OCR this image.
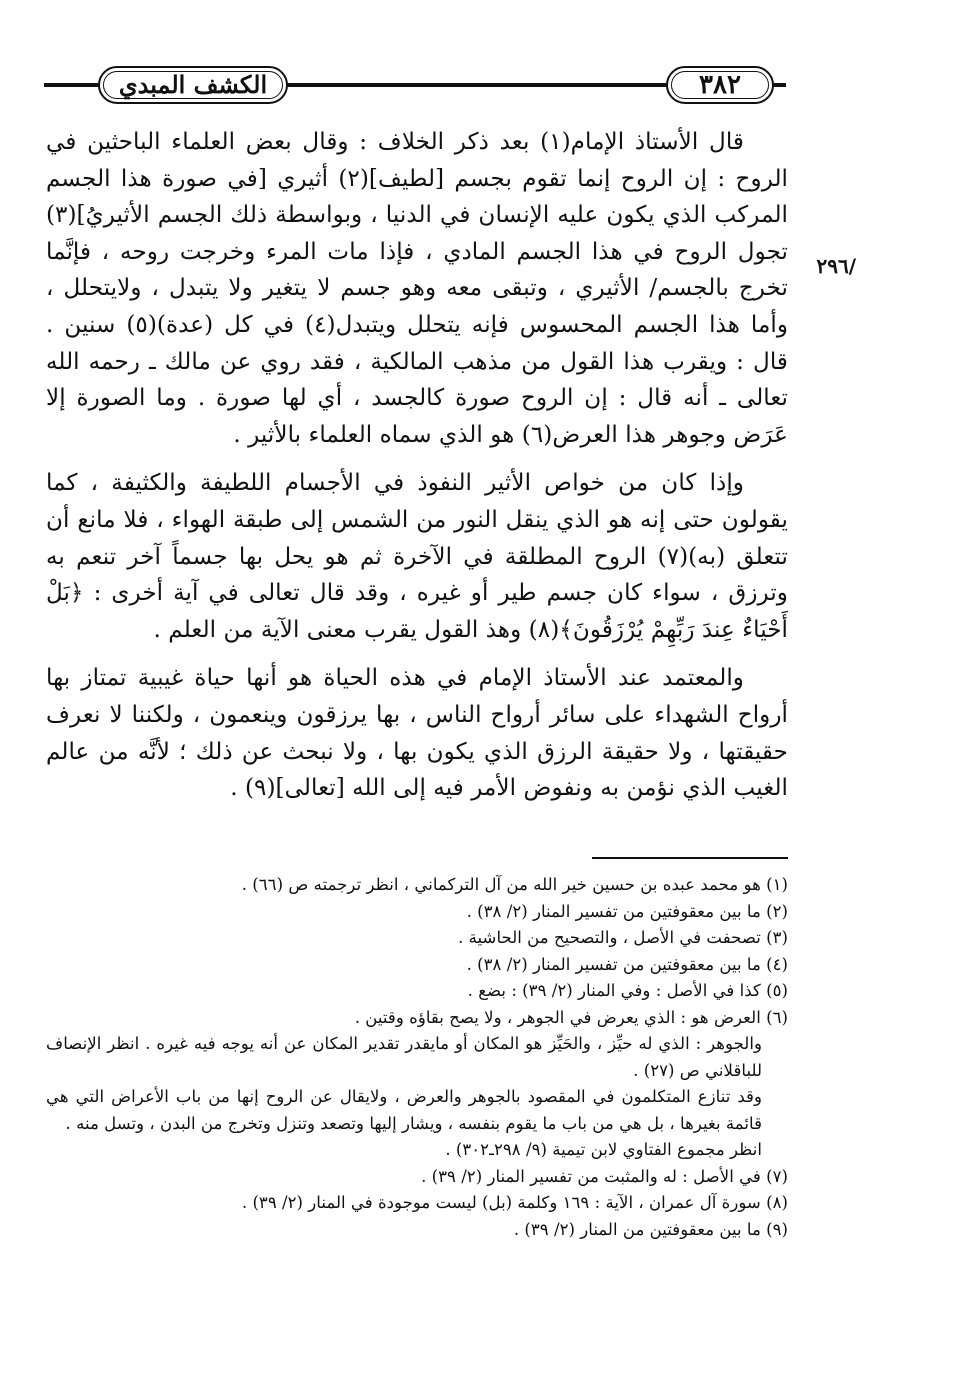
الكشف المبدي	٣٨٢
/٢٩٦

قال الأستاذ الإمام(١) بعد ذكر الخلاف : وقال بعض العلماء الباحثين في الروح : إن الروح إنما تقوم بجسم [لطيف](٢) أثيري [في صورة هذا الجسم المركب الذي يكون عليه الإنسان في الدنيا ، وبواسطة ذلك الجسم الأثيريُ](٣) تجول الروح في هذا الجسم المادي ، فإذا مات المرء وخرجت روحه ، فإنَّما تخرج بالجسم/ الأثيري ، وتبقى معه وهو جسم لا يتغير ولا يتبدل ، ولايتحلل ، وأما هذا الجسم المحسوس فإنه يتحلل ويتبدل(٤) في كل (عدة)(٥) سنين . قال : ويقرب هذا القول من مذهب المالكية ، فقد روي عن مالك ـ رحمه الله تعالى ـ أنه قال : إن الروح صورة كالجسد ، أي لها صورة . وما الصورة إلا عَرَض وجوهر هذا العرض(٦) هو الذي سماه العلماء بالأثير .

وإذا كان من خواص الأثير النفوذ في الأجسام اللطيفة والكثيفة ، كما يقولون حتى إنه هو الذي ينقل النور من الشمس إلى طبقة الهواء ، فلا مانع أن تتعلق (به)(٧) الروح المطلقة في الآخرة ثم هو يحل بها جسماً آخر تنعم به وترزق ، سواء كان جسم طير أو غيره ، وقد قال تعالى في آية أخرى : ﴿بَلْ أَحْيَاءٌ عِندَ رَبِّهِمْ يُرْزَقُونَ﴾(٨) وهذ القول يقرب معنى الآية من العلم .

والمعتمد عند الأستاذ الإمام في هذه الحياة هو أنها حياة غيبية تمتاز بها أرواح الشهداء على سائر أرواح الناس ، بها يرزقون وينعمون ، ولكننا لا نعرف حقيقتها ، ولا حقيقة الرزق الذي يكون بها ، ولا نبحث عن ذلك ؛ لأنَّه من عالم الغيب الذي نؤمن به ونفوض الأمر فيه إلى الله [تعالى](٩) .

(١) هو محمد عبده بن حسين خير الله من آل التركماني ، انظر ترجمته ص (٦٦) .
(٢) ما بين معقوفتين من تفسير المنار (٢/ ٣٨) .
(٣) تصحفت في الأصل ، والتصحيح من الحاشية .
(٤) ما بين معقوفتين من تفسير المنار (٢/ ٣٨) .
(٥) كذا في الأصل : وفي المنار (٢/ ٣٩) : بضع .
(٦) العرض هو : الذي يعرض في الجوهر ، ولا يصح بقاؤه وقتين .
والجوهر : الذي له حيِّز ، والحَيِّز هو المكان أو مايقدر تقدير المكان عن أنه يوجه فيه غيره . انظر الإنصاف للباقلاني ص (٢٧) .
وقد تنازع المتكلمون في المقصود بالجوهر والعرض ، ولايقال عن الروح إنها من باب الأعراض التي هي قائمة بغيرها ، بل هي من باب ما يقوم بنفسه ، ويشار إليها وتصعد وتنزل وتخرج من البدن ، وتسل منه .
انظر مجموع الفتاوي لابن تيمية (٩/ ٢٩٨ـ٣٠٢) .
(٧) في الأصل : له والمثبت من تفسير المنار (٢/ ٣٩) .
(٨) سورة آل عمران ، الآية : ١٦٩ وكلمة (بل) ليست موجودة في المنار (٢/ ٣٩) .
(٩) ما بين معقوفتين من المنار (٢/ ٣٩) .
